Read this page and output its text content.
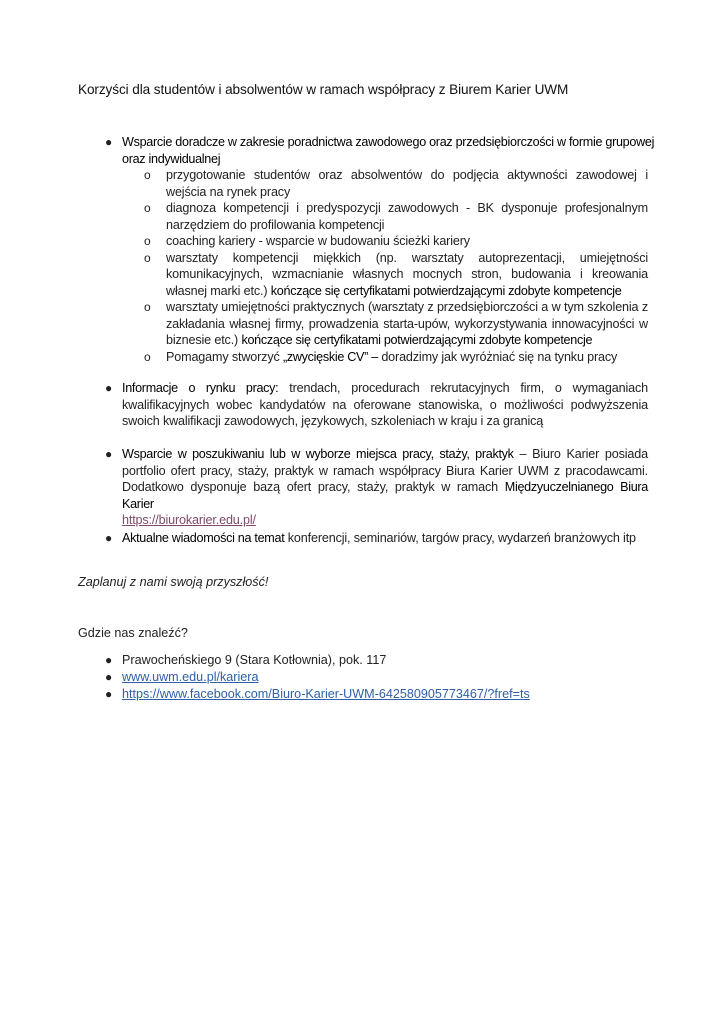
Korzyści dla studentów i absolwentów w ramach współpracy z Biurem Karier UWM
● Wsparcie doradcze w zakresie poradnictwa zawodowego oraz przedsiębiorczości w formie grupowej
oraz indywidualnej
o przygotowanie studentów oraz absolwentów do podjęcia aktywności zawodowej i wejścia na rynek pracy
o diagnoza kompetencji i predyspozycji zawodowych - BK dysponuje profesjonalnym narzędziem do profilowania kompetencji
o coaching kariery - wsparcie w budowaniu ścieżki kariery
o warsztaty kompetencji miękkich (np. warsztaty autoprezentacji, umiejętności komunikacyjnych, wzmacnianie własnych mocnych stron, budowania i kreowania własnej marki etc.) kończące się certyfikatami potwierdzającymi zdobyte kompetencje
o warsztaty umiejętności praktycznych (warsztaty z przedsiębiorczości a w tym szkolenia z zakładania własnej firmy, prowadzenia starta-upów, wykorzystywania innowacyjności w biznesie etc.) kończące się certyfikatami potwierdzającymi zdobyte kompetencje
o Pomagamy stworzyć „zwycięskie CV” – doradzimy jak wyróżniać się na tynku pracy
● Informacje o rynku pracy: trendach, procedurach rekrutacyjnych firm, o wymaganiach kwalifikacyjnych wobec kandydatów na oferowane stanowiska, o możliwości podwyższenia swoich kwalifikacji zawodowych, językowych, szkoleniach w kraju i za granicą
● Wsparcie w poszukiwaniu lub w wyborze miejsca pracy, staży, praktyk – Biuro Karier posiada portfolio ofert pracy, staży, praktyk w ramach współpracy Biura Karier UWM z pracodawcami. Dodatkowo dysponuje bazą ofert pracy, staży, praktyk w ramach Międzyuczelnianego Biura Karier
https://biurokarier.edu.pl/
● Aktualne wiadomości na temat konferencji, seminariów, targów pracy, wydarzeń branżowych itp
Zaplanuj z nami swoją przyszłość!
Gdzie nas znaleźć?
● Prawocheńskiego 9 (Stara Kotłownia), pok. 117
● www.uwm.edu.pl/kariera
● https://www.facebook.com/Biuro-Karier-UWM-642580905773467/?fref=ts
